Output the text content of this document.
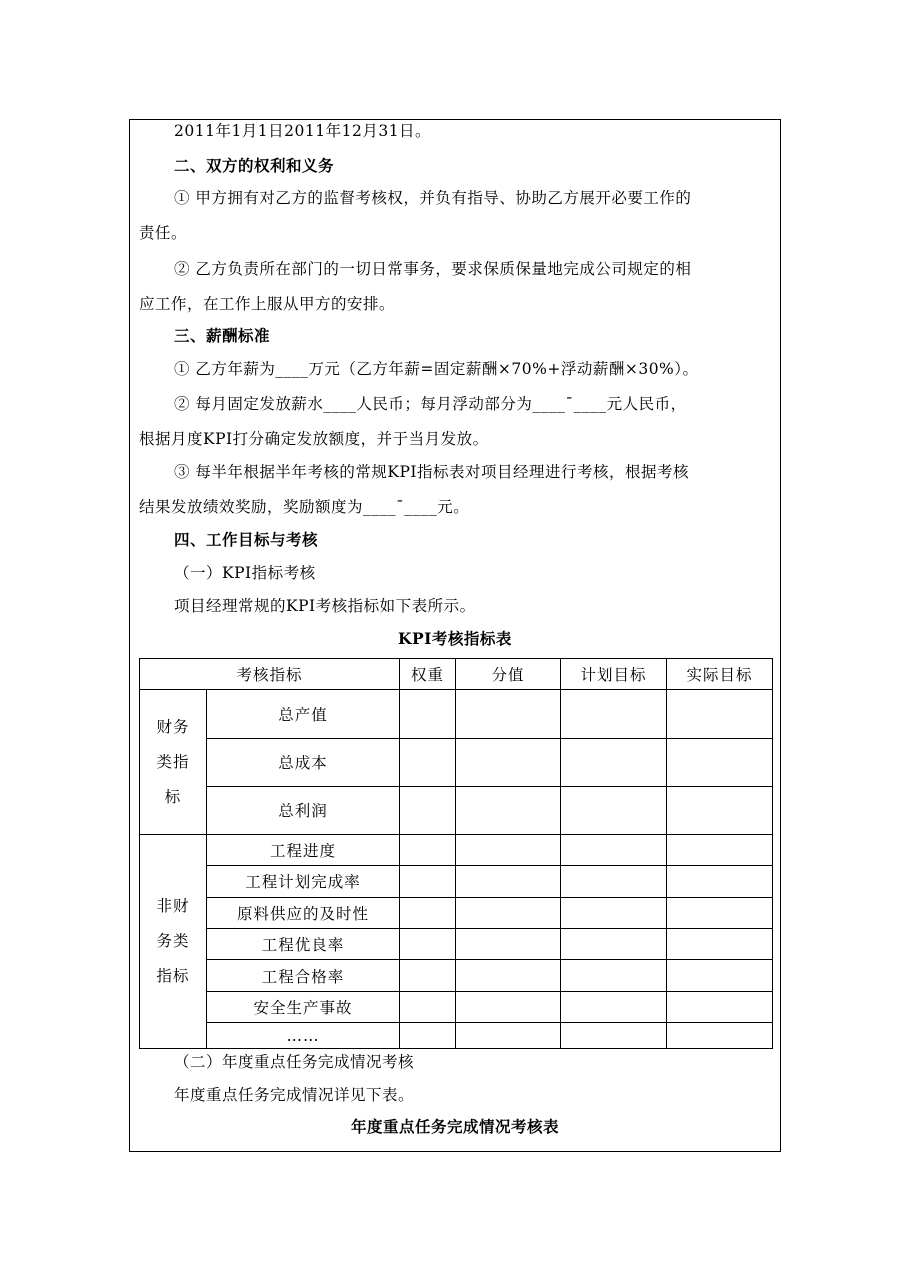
2011年1月1日2011年12月31日。
二、双方的权利和义务
① 甲方拥有对乙方的监督考核权，并负有指导、协助乙方展开必要工作的
责任。
② 乙方负责所在部门的一切日常事务，要求保质保量地完成公司规定的相
应工作，在工作上服从甲方的安排。
三、薪酬标准
① 乙方年薪为____万元（乙方年薪=固定薪酬×70%+浮动薪酬×30%）。
② 每月固定发放薪水____人民币；每月浮动部分为____¯____元人民币，
根据月度KPI打分确定发放额度，并于当月发放。
③ 每半年根据半年考核的常规KPI指标表对项目经理进行考核，根据考核
结果发放绩效奖励，奖励额度为____¯____元。
四、工作目标与考核
（一）KPI指标考核
项目经理常规的KPI考核指标如下表所示。
KPI考核指标表
考核指标		权重	分值	计划目标	实际目标

财务
类指
标	总产值				
	总成本				
	总利润				

非财
务类
指标	工程进度				
	工程计划完成率				
	原料供应的及时性				
	工程优良率				
	工程合格率				
	安全生产事故				
	……				
（二）年度重点任务完成情况考核
年度重点任务完成情况详见下表。
年度重点任务完成情况考核表
